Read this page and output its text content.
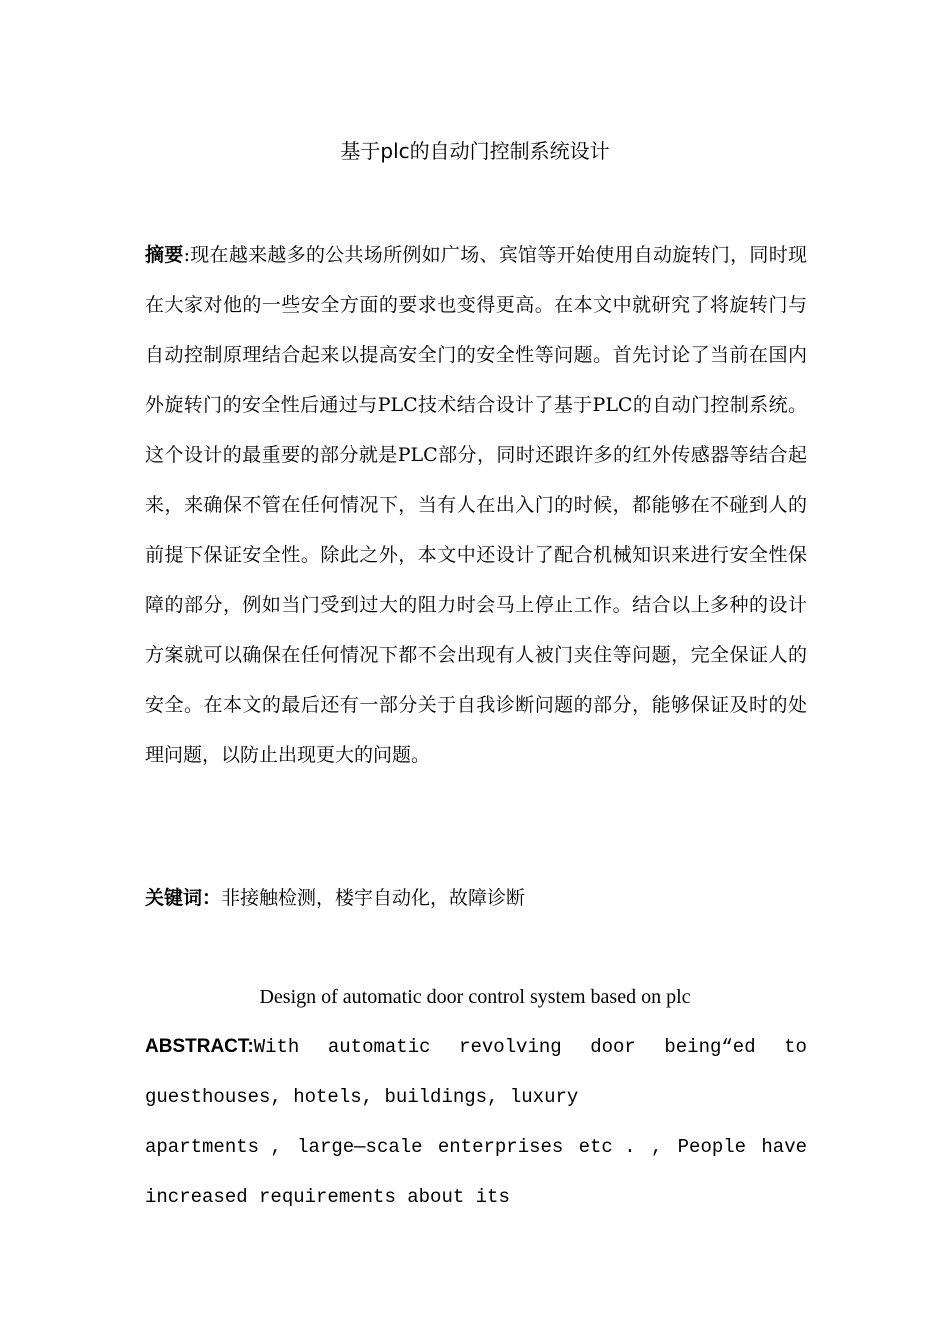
基于plc的自动门控制系统设计

摘要:现在越来越多的公共场所例如广场、宾馆等开始使用自动旋转门，同时现在大家对他的一些安全方面的要求也变得更高。在本文中就研究了将旋转门与自动控制原理结合起来以提高安全门的安全性等问题。首先讨论了当前在国内外旋转门的安全性后通过与PLC技术结合设计了基于PLC的自动门控制系统。这个设计的最重要的部分就是PLC部分，同时还跟许多的红外传感器等结合起来，来确保不管在任何情况下，当有人在出入门的时候，都能够在不碰到人的前提下保证安全性。除此之外，本文中还设计了配合机械知识来进行安全性保障的部分，例如当门受到过大的阻力时会马上停止工作。结合以上多种的设计方案就可以确保在任何情况下都不会出现有人被门夹住等问题，完全保证人的安全。在本文的最后还有一部分关于自我诊断问题的部分，能够保证及时的处理问题，以防止出现更大的问题。

关键词：非接触检测，楼宇自动化，故障诊断

Design of automatic door control system based on plc
ABSTRACT:With automatic revolving door being“ed to
guesthouses, hotels, buildings, luxury
apartments , large—scale enterprises etc . , People have
increased requirements about its
